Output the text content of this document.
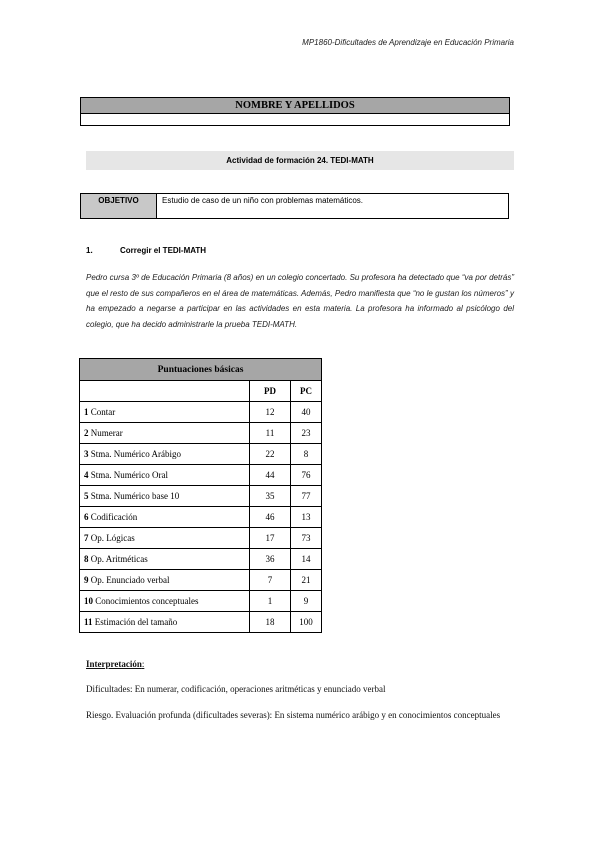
MP1860-Dificultades de Aprendizaje en Educación Primaria
NOMBRE Y APELLIDOS
Actividad de formación 24. TEDI-MATH
OBJETIVO	Estudio de caso de un niño con problemas matemáticos.
1.	Corregir el TEDI-MATH
Pedro cursa 3º de Educación Primaria (8 años) en un colegio concertado. Su profesora ha detectado que “va por detrás” que el resto de sus compañeros en el área de matemáticas. Además, Pedro manifiesta que “no le gustan los números” y ha empezado a negarse a participar en las actividades en esta materia. La profesora ha informado al psicólogo del colegio, que ha decido administrarle la prueba TEDI-MATH.
Puntuaciones básicas		
	PD	PC
1 Contar	12	40
2 Numerar	11	23
3 Stma. Numérico Arábigo	22	8
4 Stma. Numérico Oral	44	76
5 Stma. Numérico base 10	35	77
6 Codificación	46	13
7 Op. Lógicas	17	73
8 Op. Aritméticas	36	14
9 Op. Enunciado verbal	7	21
10 Conocimientos conceptuales	1	9
11 Estimación del tamaño	18	100
Interpretación:
Dificultades: En numerar, codificación, operaciones aritméticas y enunciado verbal
Riesgo. Evaluación profunda (dificultades severas): En sistema numérico arábigo y en conocimientos conceptuales
